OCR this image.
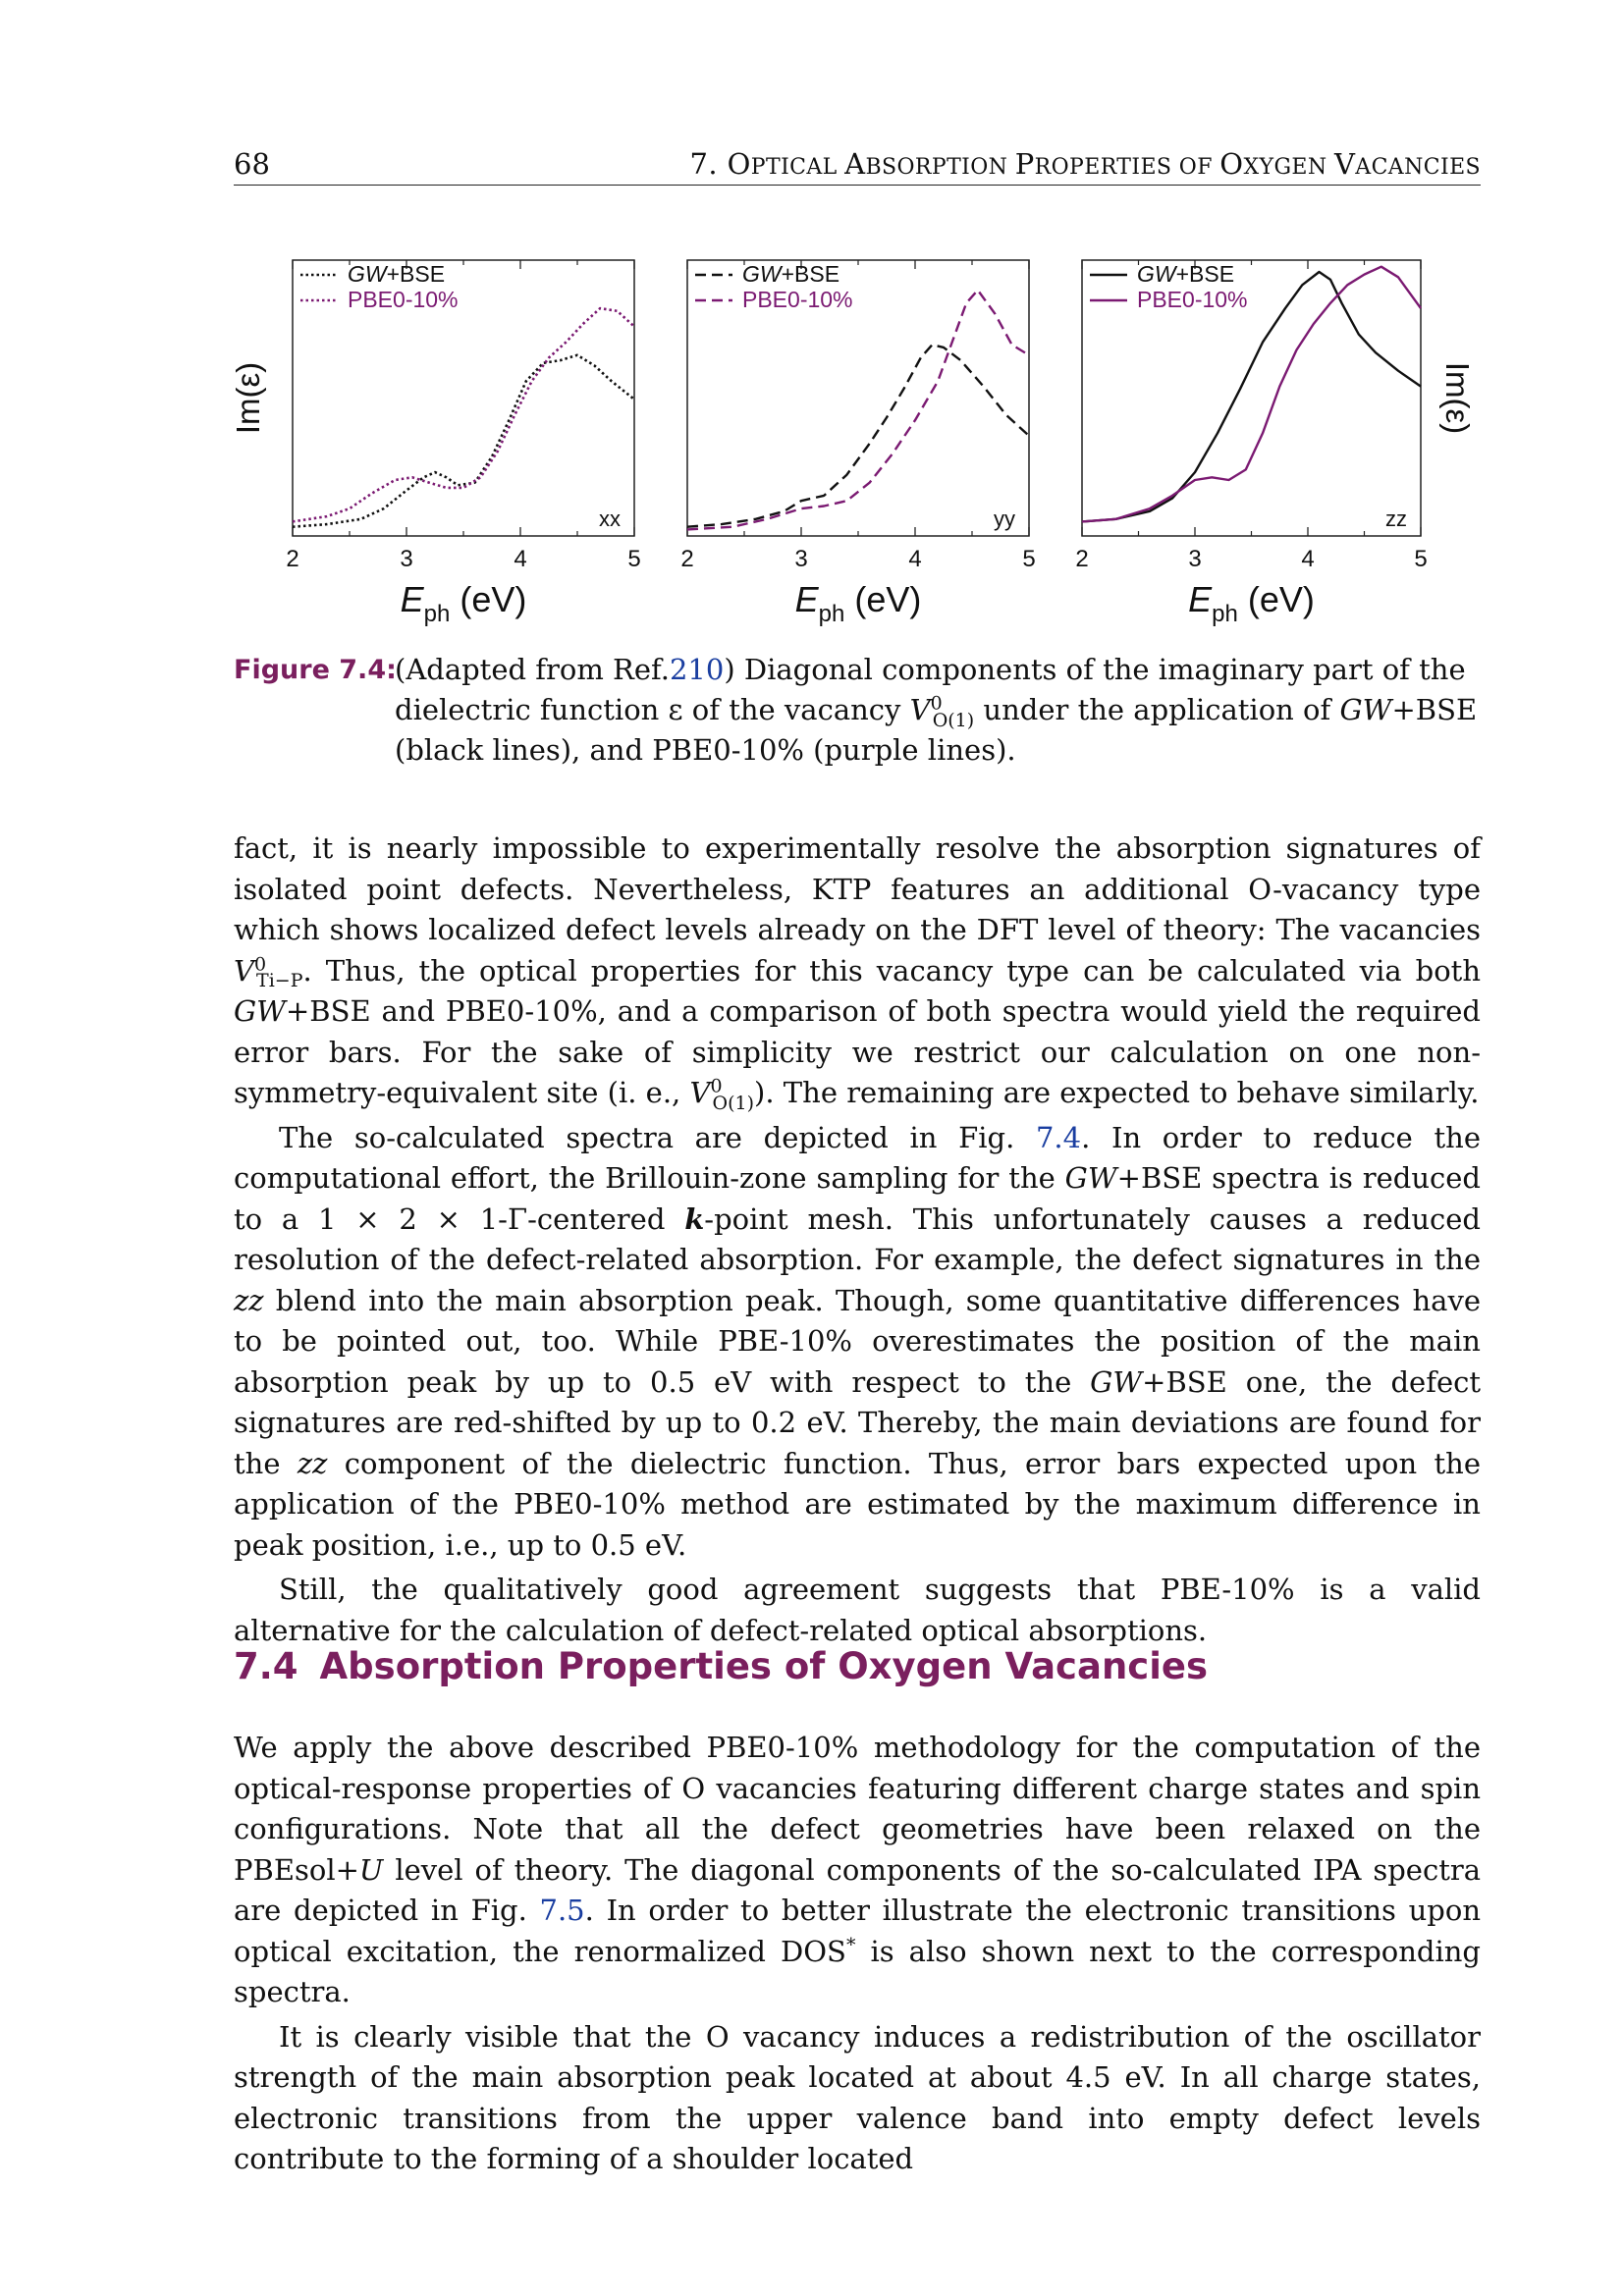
68	7. OPTICAL ABSORPTION PROPERTIES OF OXYGEN VACANCIES
2	3	4	5
GW+BSE
PBE0-10%
xx
$E_{ph}$ (eV)
Im(ε)
2	3	4	5
GW+BSE
PBE0-10%
yy
$E_{ph}$ (eV)
2	3	4	5
GW+BSE
PBE0-10%
zz
$E_{ph}$ (eV)
Im(ε)
Figure 7.4:
(Adapted from Ref.210) Diagonal components of the imaginary part of the dielectric function ε of the vacancy $V^0_{O(1)}$ under the application of GW+BSE (black lines), and PBE0-10% (purple lines).

fact, it is nearly impossible to experimentally resolve the absorption signatures of isolated point defects. Nevertheless, KTP features an additional O-vacancy type which shows localized defect levels already on the DFT level of theory: The vacancies $V^0_{Ti-P}$. Thus, the optical properties for this vacancy type can be calculated via both GW+BSE and PBE0-10%, and a comparison of both spectra would yield the required error bars. For the sake of simplicity we restrict our calculation on one non-symmetry-equivalent site (i. e., $V^0_{O(1)}$). The remaining are expected to behave similarly.

The so-calculated spectra are depicted in Fig. 7.4. In order to reduce the computational effort, the Brillouin-zone sampling for the GW+BSE spectra is reduced to a 1 × 2 × 1-Γ-centered k-point mesh. This unfortunately causes a reduced resolution of the defect-related absorption. For example, the defect signatures in the zz blend into the main absorption peak. Though, some quantitative differences have to be pointed out, too. While PBE-10% overestimates the position of the main absorption peak by up to 0.5 eV with respect to the GW+BSE one, the defect signatures are red-shifted by up to 0.2 eV. Thereby, the main deviations are found for the zz component of the dielectric function. Thus, error bars expected upon the application of the PBE0-10% method are estimated by the maximum difference in peak position, i.e., up to 0.5 eV.

Still, the qualitatively good agreement suggests that PBE-10% is a valid alternative for the calculation of defect-related optical absorptions.

7.4 Absorption Properties of Oxygen Vacancies

We apply the above described PBE0-10% methodology for the computation of the optical-response properties of O vacancies featuring different charge states and spin configurations. Note that all the defect geometries have been relaxed on the PBEsol+U level of theory. The diagonal components of the so-calculated IPA spectra are depicted in Fig. 7.5. In order to better illustrate the electronic transitions upon optical excitation, the renormalized DOS* is also shown next to the corresponding spectra.

It is clearly visible that the O vacancy induces a redistribution of the oscillator strength of the main absorption peak located at about 4.5 eV. In all charge states, electronic transitions from the upper valence band into empty defect levels contribute to the forming of a shoulder located
